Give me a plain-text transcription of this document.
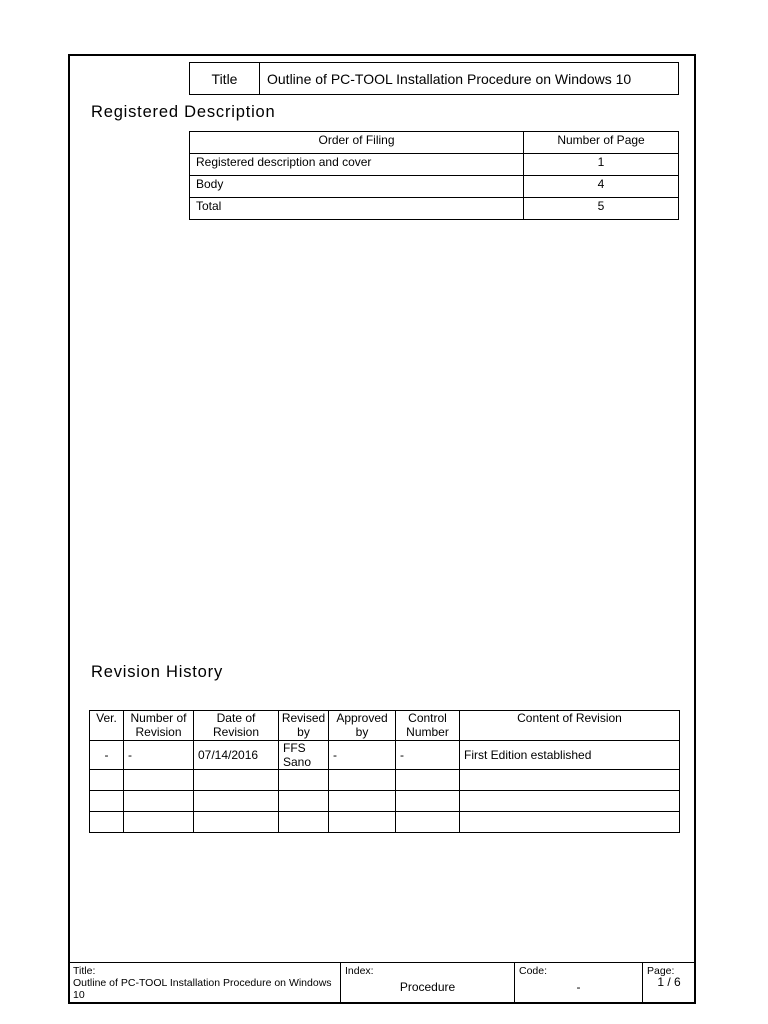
Title	Outline of PC-TOOL Installation Procedure on Windows 10
Registered Description
Order of Filing	Number of Page
Registered description and cover	1
Body	4
Total	5
Revision History
Ver.	Number of Revision	Date of Revision	Revised by	Approved by	Control Number	Content of Revision
-	-	07/14/2016	FFS Sano	-	-	First Edition established

Title:
Outline of PC-TOOL Installation Procedure on Windows 10

Index:
Procedure

Code:
-

Page:
1 / 6
